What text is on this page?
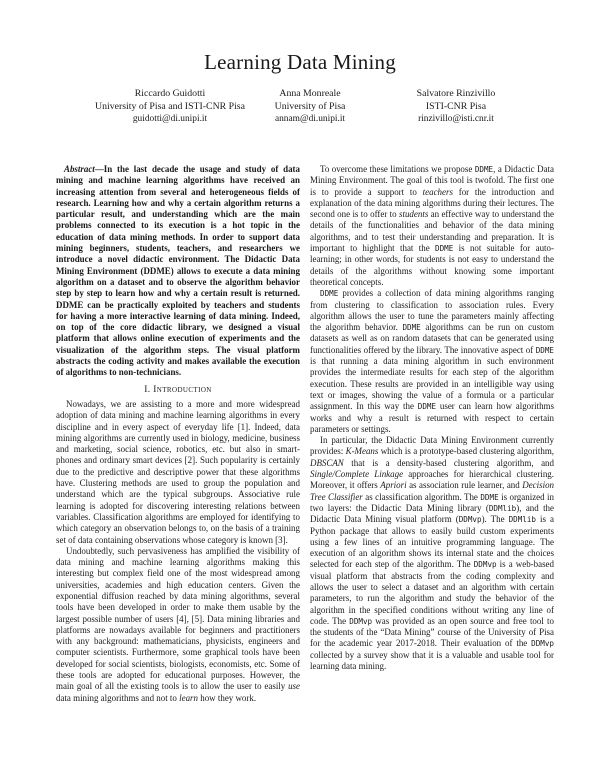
Learning Data Mining
Riccardo Guidotti
University of Pisa and ISTI-CNR Pisa
guidotti@di.unipi.it
Anna Monreale
University of Pisa
annam@di.unipi.it
Salvatore Rinzivillo
ISTI-CNR Pisa
rinzivillo@isti.cnr.it

Abstract—In the last decade the usage and study of data mining and machine learning algorithms have received an increasing attention from several and heterogeneous fields of research. Learning how and why a certain algorithm returns a particular result, and understanding which are the main problems connected to its execution is a hot topic in the education of data mining methods. In order to support data mining beginners, students, teachers, and researchers we introduce a novel didactic environment. The Didactic Data Mining Environment (DDME) allows to execute a data mining algorithm on a dataset and to observe the algorithm behavior step by step to learn how and why a certain result is returned. DDME can be practically exploited by teachers and students for having a more interactive learning of data mining. Indeed, on top of the core didactic library, we designed a visual platform that allows online execution of experiments and the visualization of the algorithm steps. The visual platform abstracts the coding activity and makes available the execution of algorithms to non-technicians.

I. Introduction

Nowadays, we are assisting to a more and more widespread adoption of data mining and machine learning algorithms in every discipline and in every aspect of everyday life [1]. Indeed, data mining algorithms are currently used in biology, medicine, business and marketing, social science, robotics, etc. but also in smart-phones and ordinary smart devices [2]. Such popularity is certainly due to the predictive and descriptive power that these algorithms have. Clustering methods are used to group the population and understand which are the typical subgroups. Associative rule learning is adopted for discovering interesting relations between variables. Classification algorithms are employed for identifying to which category an observation belongs to, on the basis of a training set of data containing observations whose category is known [3].

Undoubtedly, such pervasiveness has amplified the visibility of data mining and machine learning algorithms making this interesting but complex field one of the most widespread among universities, academies and high education centers. Given the exponential diffusion reached by data mining algorithms, several tools have been developed in order to make them usable by the largest possible number of users [4], [5]. Data mining libraries and platforms are nowadays available for beginners and practitioners with any background: mathematicians, physicists, engineers and computer scientists. Furthermore, some graphical tools have been developed for social scientists, biologists, economists, etc. Some of these tools are adopted for educational purposes. However, the main goal of all the existing tools is to allow the user to easily use data mining algorithms and not to learn how they work.

To overcome these limitations we propose DDME, a Didactic Data Mining Environment. The goal of this tool is twofold. The first one is to provide a support to teachers for the introduction and explanation of the data mining algorithms during their lectures. The second one is to offer to students an effective way to understand the details of the functionalities and behavior of the data mining algorithms, and to test their understanding and preparation. It is important to highlight that the DDME is not suitable for auto-learning; in other words, for students is not easy to understand the details of the algorithms without knowing some important theoretical concepts.

DDME provides a collection of data mining algorithms ranging from clustering to classification to association rules. Every algorithm allows the user to tune the parameters mainly affecting the algorithm behavior. DDME algorithms can be run on custom datasets as well as on random datasets that can be generated using functionalities offered by the library. The innovative aspect of DDME is that running a data mining algorithm in such environment provides the intermediate results for each step of the algorithm execution. These results are provided in an intelligible way using text or images, showing the value of a formula or a particular assignment. In this way the DDME user can learn how algorithms works and why a result is returned with respect to certain parameters or settings.

In particular, the Didactic Data Mining Environment currently provides: K-Means which is a prototype-based clustering algorithm, DBSCAN that is a density-based clustering algorithm, and Single/Complete Linkage approaches for hierarchical clustering. Moreover, it offers Apriori as association rule learner, and Decision Tree Classifier as classification algorithm. The DDME is organized in two layers: the Didactic Data Mining library (DDMlib), and the Didactic Data Mining visual platform (DDMvp). The DDMlib is a Python package that allows to easily build custom experiments using a few lines of an intuitive programming language. The execution of an algorithm shows its internal state and the choices selected for each step of the algorithm. The DDMvp is a web-based visual platform that abstracts from the coding complexity and allows the user to select a dataset and an algorithm with certain parameters, to run the algorithm and study the behavior of the algorithm in the specified conditions without writing any line of code. The DDMvp was provided as an open source and free tool to the students of the “Data Mining” course of the University of Pisa for the academic year 2017-2018. Their evaluation of the DDMvp collected by a survey show that it is a valuable and usable tool for learning data mining.
